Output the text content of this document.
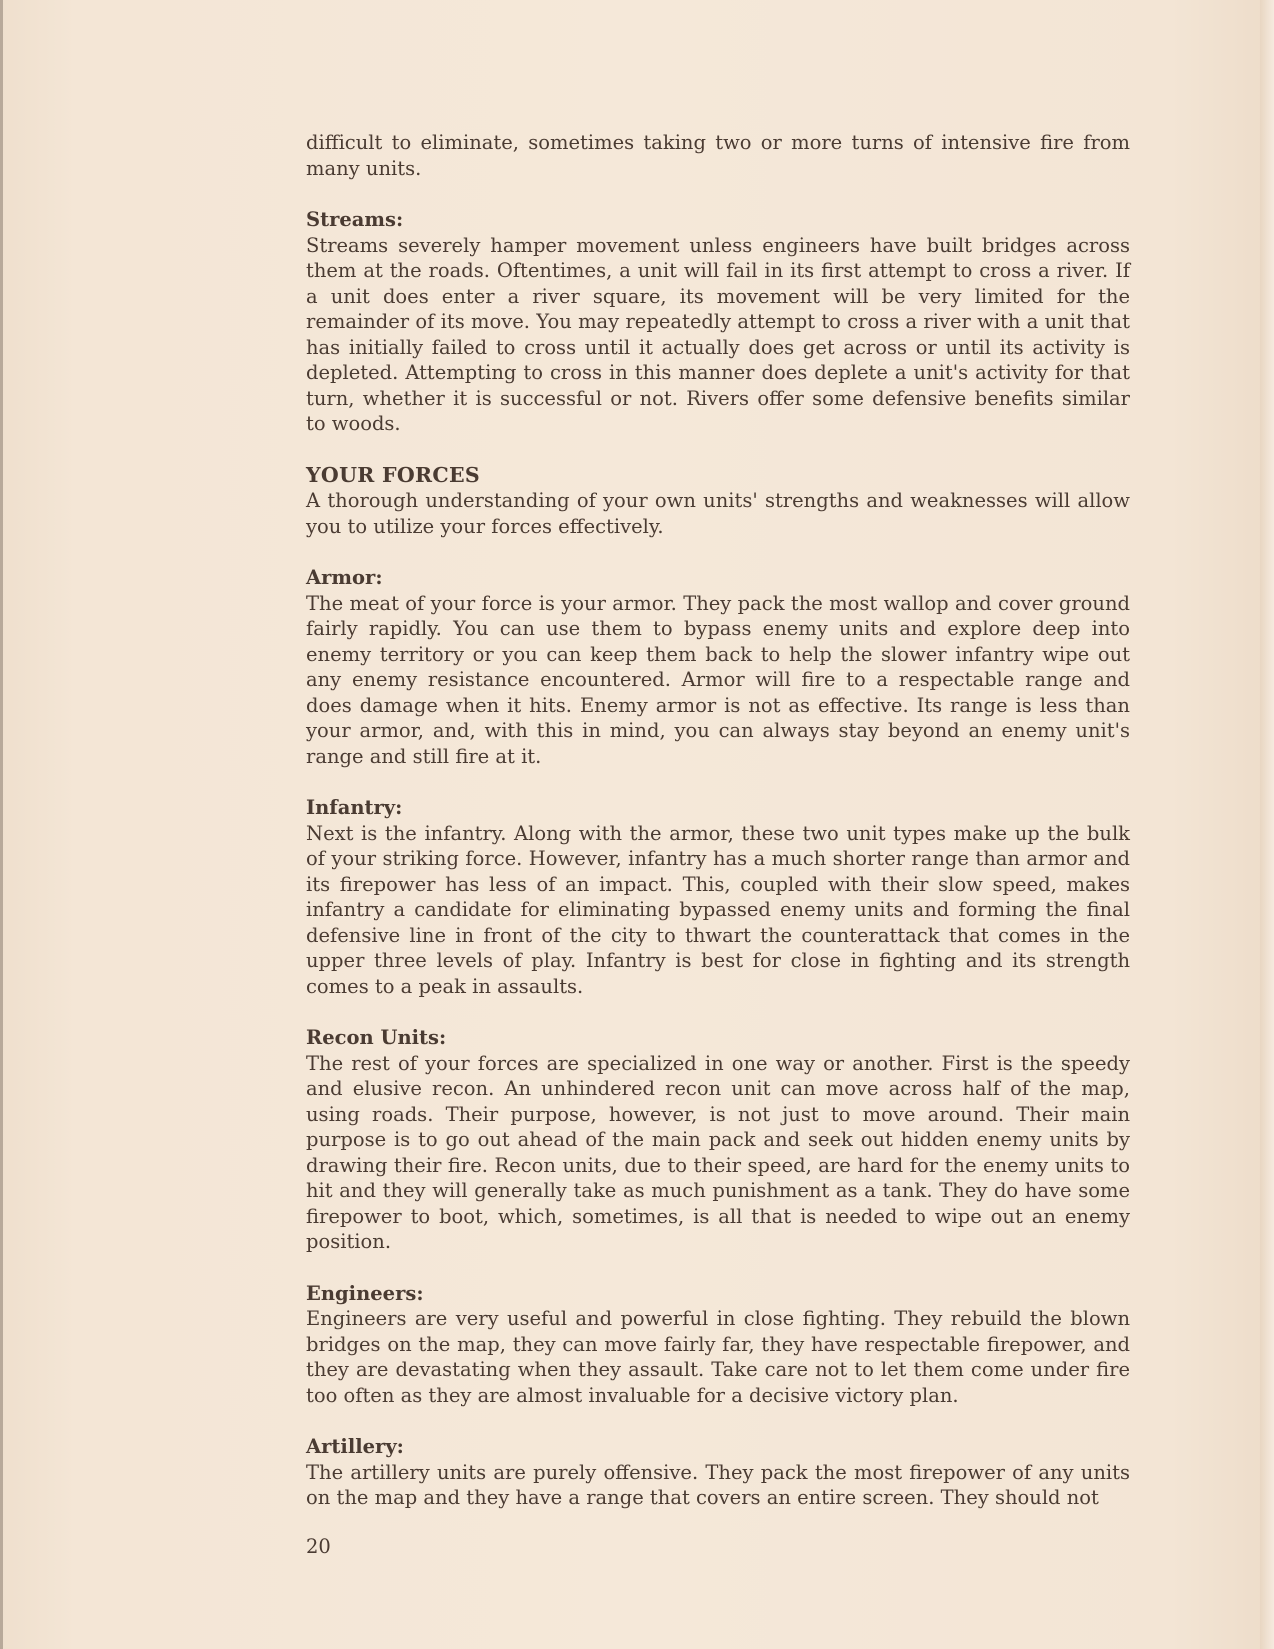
difficult to eliminate, sometimes taking two or more turns of intensive fire from many units.

Streams:

Streams severely hamper movement unless engineers have built bridges across them at the roads. Oftentimes, a unit will fail in its first attempt to cross a river. If a unit does enter a river square, its movement will be very limited for the remainder of its move. You may repeatedly attempt to cross a river with a unit that has initially failed to cross until it actually does get across or until its activity is depleted. Attempting to cross in this manner does deplete a unit's activity for that turn, whether it is successful or not. Rivers offer some defensive benefits similar to woods.

YOUR FORCES

A thorough understanding of your own units' strengths and weaknesses will allow you to utilize your forces effectively.

Armor:

The meat of your force is your armor. They pack the most wallop and cover ground fairly rapidly. You can use them to bypass enemy units and explore deep into enemy territory or you can keep them back to help the slower infantry wipe out any enemy resistance encountered. Armor will fire to a respectable range and does damage when it hits. Enemy armor is not as effective. Its range is less than your armor, and, with this in mind, you can always stay beyond an enemy unit's range and still fire at it.

Infantry:

Next is the infantry. Along with the armor, these two unit types make up the bulk of your striking force. However, infantry has a much shorter range than armor and its firepower has less of an impact. This, coupled with their slow speed, makes infantry a candidate for eliminating bypassed enemy units and forming the final defensive line in front of the city to thwart the counterattack that comes in the upper three levels of play. Infantry is best for close in fighting and its strength comes to a peak in assaults.

Recon Units:

The rest of your forces are specialized in one way or another. First is the speedy and elusive recon. An unhindered recon unit can move across half of the map, using roads. Their purpose, however, is not just to move around. Their main purpose is to go out ahead of the main pack and seek out hidden enemy units by drawing their fire. Recon units, due to their speed, are hard for the enemy units to hit and they will generally take as much punishment as a tank. They do have some firepower to boot, which, sometimes, is all that is needed to wipe out an enemy position.

Engineers:

Engineers are very useful and powerful in close fighting. They rebuild the blown bridges on the map, they can move fairly far, they have respectable firepower, and they are devastating when they assault. Take care not to let them come under fire too often as they are almost invaluable for a decisive victory plan.

Artillery:

The artillery units are purely offensive. They pack the most firepower of any units on the map and they have a range that covers an entire screen. They should not

20
